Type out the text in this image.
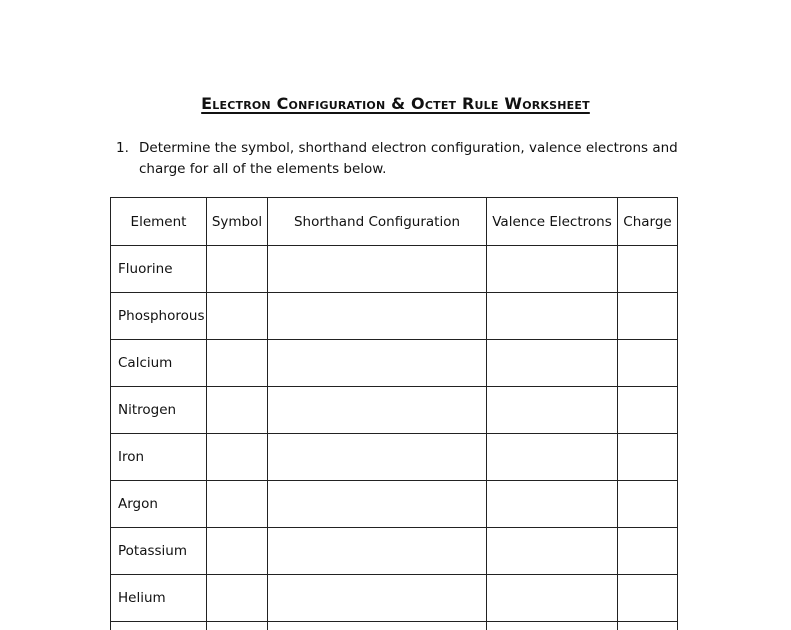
Electron Configuration & Octet Rule Worksheet
1. Determine the symbol, shorthand electron configuration, valence electrons and charge for all of the elements below.
Element	Symbol	Shorthand Configuration	Valence Electrons	Charge
Fluorine				
Phosphorous				
Calcium				
Nitrogen				
Iron				
Argon				
Potassium				
Helium				
